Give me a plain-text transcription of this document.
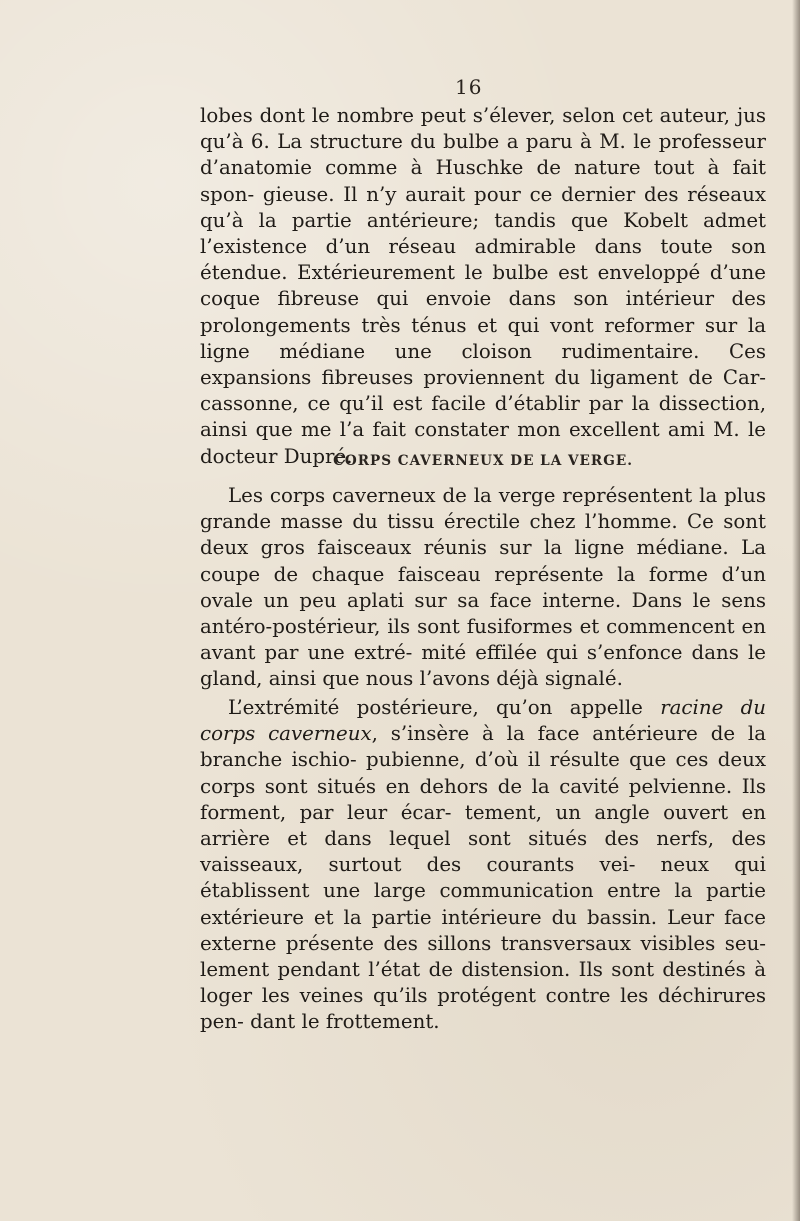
16

lobes dont le nombre peut s’élever, selon cet auteur, jus qu’à 6. La structure du bulbe a paru à M. le professeur d’anatomie comme à Huschke de nature tout à fait spon- gieuse. Il n’y aurait pour ce dernier des réseaux qu’à la partie antérieure; tandis que Kobelt admet l’existence d’un réseau admirable dans toute son étendue. Extérieurement le bulbe est enveloppé d’une coque fibreuse qui envoie dans son intérieur des prolongements très ténus et qui vont reformer sur la ligne médiane une cloison rudimentaire. Ces expansions fibreuses proviennent du ligament de Car- cassonne, ce qu’il est facile d’établir par la dissection, ainsi que me l’a fait constater mon excellent ami M. le docteur Dupré.

CORPS CAVERNEUX DE LA VERGE.

Les corps caverneux de la verge représentent la plus grande masse du tissu érectile chez l’homme. Ce sont deux gros faisceaux réunis sur la ligne médiane. La coupe de chaque faisceau représente la forme d’un ovale un peu aplati sur sa face interne. Dans le sens antéro-postérieur, ils sont fusiformes et commencent en avant par une extré- mité effilée qui s’enfonce dans le gland, ainsi que nous l’avons déjà signalé.

L’extrémité postérieure, qu’on appelle racine du corps caverneux, s’insère à la face antérieure de la branche ischio- pubienne, d’où il résulte que ces deux corps sont situés en dehors de la cavité pelvienne. Ils forment, par leur écar- tement, un angle ouvert en arrière et dans lequel sont situés des nerfs, des vaisseaux, surtout des courants vei- neux qui établissent une large communication entre la partie extérieure et la partie intérieure du bassin. Leur face externe présente des sillons transversaux visibles seu- lement pendant l’état de distension. Ils sont destinés à loger les veines qu’ils protégent contre les déchirures pen- dant le frottement.
